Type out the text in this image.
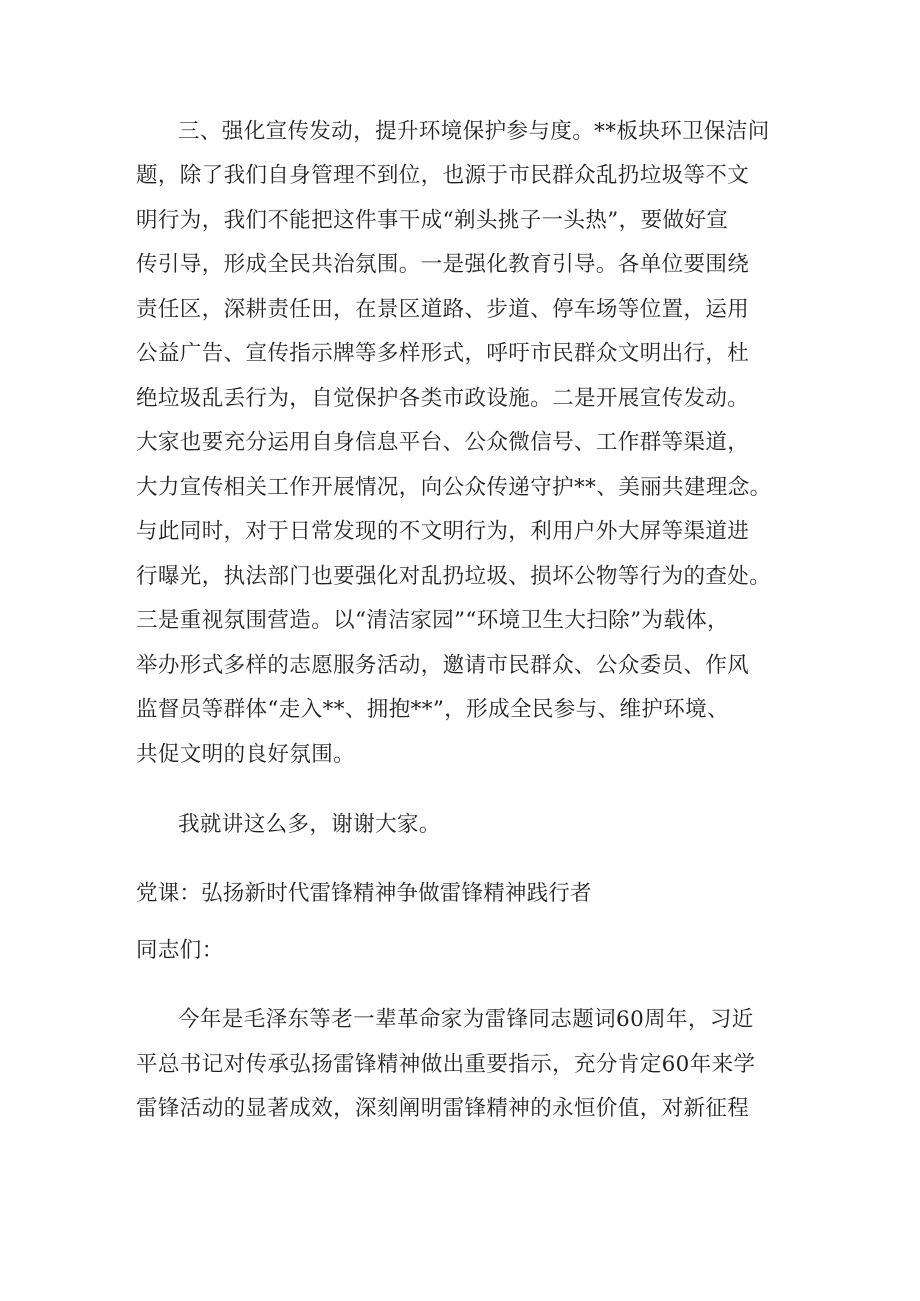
三、强化宣传发动，提升环境保护参与度。**板块环卫保洁问
题，除了我们自身管理不到位，也源于市民群众乱扔垃圾等不文
明行为，我们不能把这件事干成“剃头挑子一头热”，要做好宣
传引导，形成全民共治氛围。一是强化教育引导。各单位要围绕
责任区，深耕责任田，在景区道路、步道、停车场等位置，运用
公益广告、宣传指示牌等多样形式，呼吁市民群众文明出行，杜
绝垃圾乱丢行为，自觉保护各类市政设施。二是开展宣传发动。
大家也要充分运用自身信息平台、公众微信号、工作群等渠道，
大力宣传相关工作开展情况，向公众传递守护**、美丽共建理念。
与此同时，对于日常发现的不文明行为，利用户外大屏等渠道进
行曝光，执法部门也要强化对乱扔垃圾、损坏公物等行为的查处。
三是重视氛围营造。以“清洁家园”“环境卫生大扫除”为载体，
举办形式多样的志愿服务活动，邀请市民群众、公众委员、作风
监督员等群体“走入**、拥抱**”，形成全民参与、维护环境、
共促文明的良好氛围。
我就讲这么多，谢谢大家。
党课：弘扬新时代雷锋精神争做雷锋精神践行者
同志们：
今年是毛泽东等老一辈革命家为雷锋同志题词60周年，习近
平总书记对传承弘扬雷锋精神做出重要指示，充分肯定60年来学
雷锋活动的显著成效，深刻阐明雷锋精神的永恒价值，对新征程
